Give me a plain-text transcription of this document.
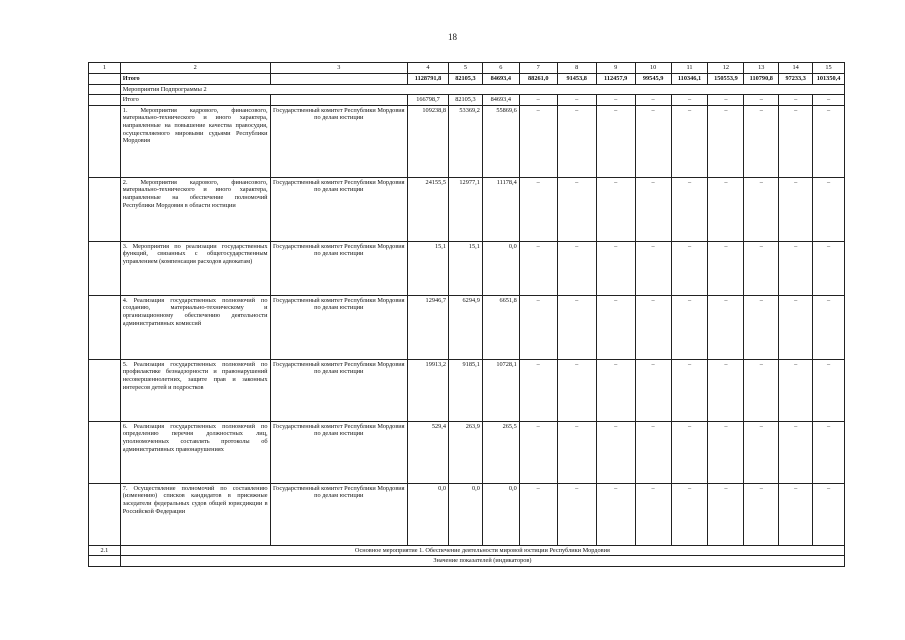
18
1	2	3	4	5	6	7	8	9	10	11	12	13	14	15
	Итого		1128791,8	82105,3	84693,4	88261,0	91453,8	112457,9	99545,9	110346,1	150553,9	110790,8	97233,3	101350,4
	Мероприятия Подпрограммы 2													
	Итого		166798,7	82105,3	84693,4	–	–	–	–	–	–	–	–	–
	1. Мероприятия кадрового, финансового, материально-технического и иного характера, направленные на повышение качества правосудия, осуществляемого мировыми судьями Республики Мордовия	Государственный комитет Республики Мордовия по делам юстиции	109238,8	53369,2	55869,6	–	–	–	–	–	–	–	–	–
	2. Мероприятия кадрового, финансового, материально-технического и иного характера, направленные на обеспечение полномочий Республики Мордовия в области юстиции	Государственный комитет Республики Мордовия по делам юстиции	24155,5	12977,1	11178,4	–	–	–	–	–	–	–	–	–
	3. Мероприятия по реализации государственных функций, связанных с общегосударственным управлением (компенсация расходов адвокатам)	Государственный комитет Республики Мордовия по делам юстиции	15,1	15,1	0,0	–	–	–	–	–	–	–	–	–
	4. Реализация государственных полномочий по созданию, материально-техническому и организационному обеспечению деятельности административных комиссий	Государственный комитет Республики Мордовия по делам юстиции	12946,7	6294,9	6651,8	–	–	–	–	–	–	–	–	–
	5. Реализация государственных полномочий по профилактике безнадзорности и правонарушений несовершеннолетних, защите прав и законных интересов детей и подростков	Государственный комитет Республики Мордовия по делам юстиции	19913,2	9185,1	10728,1	–	–	–	–	–	–	–	–	–
	6. Реализация государственных полномочий по определению перечня должностных лиц, уполномоченных составлять протоколы об административных правонарушениях	Государственный комитет Республики Мордовия по делам юстиции	529,4	263,9	265,5	–	–	–	–	–	–	–	–	–
	7. Осуществление полномочий по составлению (изменению) списков кандидатов в присяжные заседатели федеральных судов общей юрисдикции в Российской Федерации	Государственный комитет Республики Мордовия по делам юстиции	0,0	0,0	0,0	–	–	–	–	–	–	–	–	–
2.1	Основное мероприятие 1. Обеспечение деятельности мировой юстиции Республики Мордовия													
	Значение показателей (индикаторов)													
